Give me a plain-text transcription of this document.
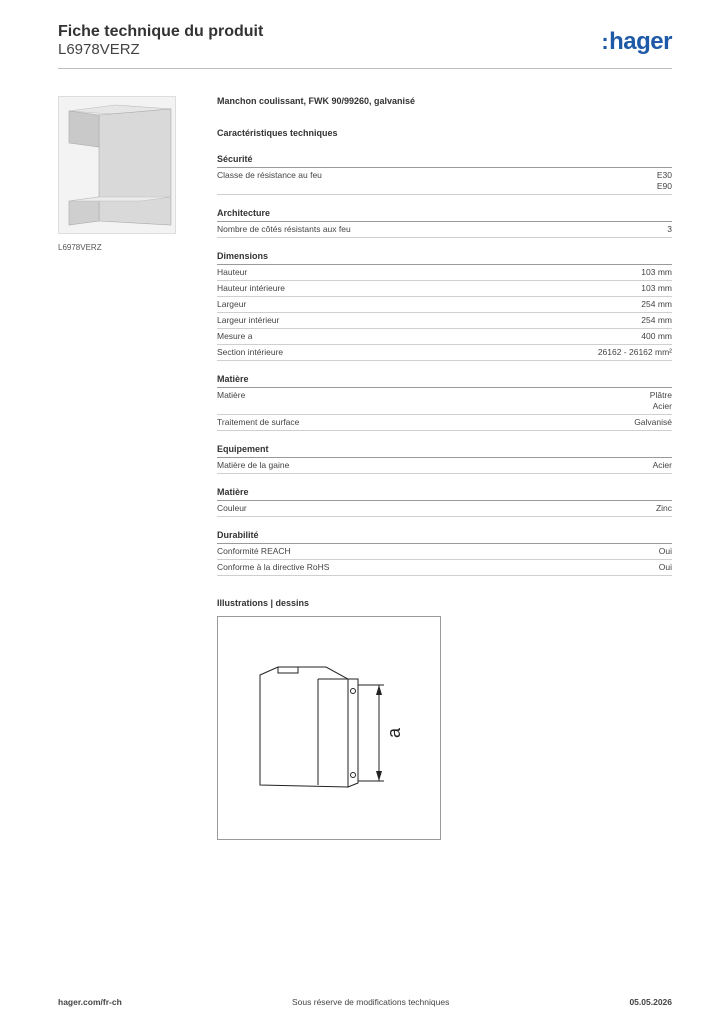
Fiche technique du produit
L6978VERZ	:hager
L6978VERZ
Manchon coulissant, FWK 90/99260, galvanisé
Caractéristiques techniques
Sécurité
Classe de résistance au feu	E30
E90
Architecture
Nombre de côtés résistants aux feu	3
Dimensions
Hauteur	103 mm
Hauteur intérieure	103 mm
Largeur	254 mm
Largeur intérieur	254 mm
Mesure a	400 mm
Section intérieure	26162 - 26162 mm²
Matière
Matière	Plâtre
Acier
Traitement de surface	Galvanisé
Equipement
Matière de la gaine	Acier
Matière
Couleur	Zinc
Durabilité
Conformité REACH	Oui
Conforme à la directive RoHS	Oui
Illustrations | dessins
a
hager.com/fr-ch	Sous réserve de modifications techniques	05.05.2026
